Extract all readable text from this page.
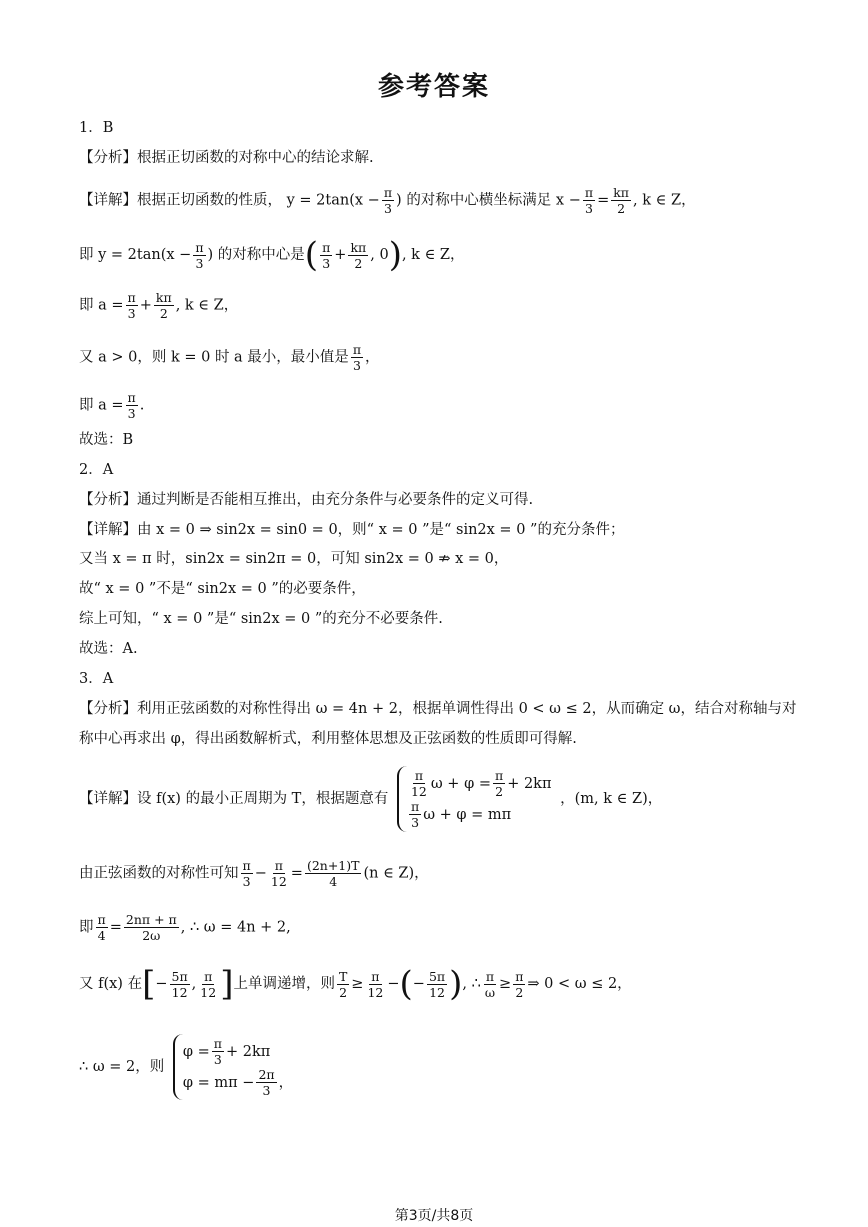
参考答案
1．B
【分析】根据正切函数的对称中心的结论求解.
【详解】根据正切函数的性质， $y = 2\tan(x - \frac{\pi}{3}$ ) 的对称中心横坐标满足 $x - \frac{\pi}{3} = \frac{k\pi}{2}$ , k ∈ Z，
即 $y = 2\tan(x - \frac{\pi}{3}$ ) 的对称中心是( $\frac{\pi}{3} + \frac{k\pi}{2}$ , 0), k ∈ Z，
即 $a = \frac{\pi}{3} + \frac{k\pi}{2}$ , k ∈ Z，
又 a > 0，则 k = 0 时 a 最小，最小值是 $\frac{\pi}{3}$ ，
即 $a = \frac{\pi}{3}$ .
故选：B
2．A
【分析】通过判断是否能相互推出，由充分条件与必要条件的定义可得.
【详解】由 x = 0 ⇒ sin2x = sin0 = 0，则“ x = 0 ”是“ sin2x = 0 ”的充分条件；
又当 x = π 时，sin2x = sin2π = 0，可知 sin2x = 0 ⇏ x = 0，
故“ x = 0 ”不是“ sin2x = 0 ”的必要条件，
综上可知，“ x = 0 ”是“ sin2x = 0 ”的充分不必要条件.
故选：A.
3．A
【分析】利用正弦函数的对称性得出 ω = 4n + 2，根据单调性得出 0 < ω ≤ 2，从而确定 ω，结合对称轴与对
称中心再求出 φ，得出函数解析式，利用整体思想及正弦函数的性质即可得解.
【详解】设 f(x) 的最小正周期为 T，根据题意有 $\frac{\pi}{12}$ $\omega + \varphi = \frac{\pi}{2} + 2k\pi$
$\frac{\pi}{3}$ ω + φ = mπ
，(m, k ∈ Z)，
由正弦函数的对称性可知 $\frac{\pi}{3} - \frac{\pi}{12} = \frac{(2n+1)T}{4} (n$ ∈ Z)，
即 $\frac{\pi}{4} = \frac{2n\pi + \pi}{2\omega}$ , ∴ ω = 4n + 2,
又 f(x) 在[− $\frac{5\pi}{12}$ , $\frac{\pi}{12}$ ]上单调递增，则 $\frac{T}{2} \ge \frac{\pi}{12}$ −(− $\frac{5\pi}{12}$ ), ∴ $\frac{\pi}{\omega} \ge \frac{\pi}{2}$ ⇒ 0 < ω ≤ 2，
∴ ω = 2，则
$\varphi = \frac{\pi}{3} + 2k\pi$
$\varphi = m\pi - \frac{2\pi}{3}$ ，
第3页/共8页
